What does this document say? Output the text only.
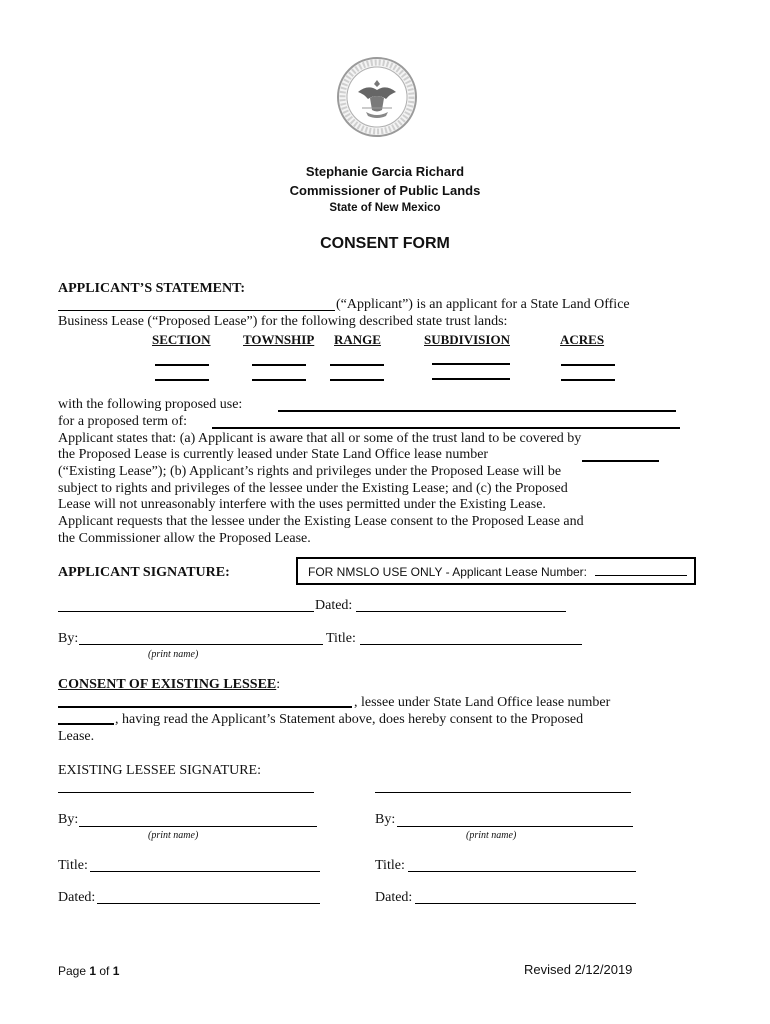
Stephanie Garcia Richard
Commissioner of Public Lands
State of New Mexico
CONSENT FORM
APPLICANT’S STATEMENT:
(“Applicant”) is an applicant for a State Land Office
Business Lease (“Proposed Lease”) for the following described state trust lands:
SECTION TOWNSHIP RANGE	SUBDIVISION	ACRES
with the following proposed use:
for a proposed term of:
Applicant states that: (a) Applicant is aware that all or some of the trust land to be covered by
the Proposed Lease is currently leased under State Land Office lease number
(“Existing Lease”); (b) Applicant’s rights and privileges under the Proposed Lease will be
subject to rights and privileges of the lessee under the Existing Lease; and (c) the Proposed
Lease will not unreasonably interfere with the uses permitted under the Existing Lease.
Applicant requests that the lessee under the Existing Lease consent to the Proposed Lease and
the Commissioner allow the Proposed Lease.
APPLICANT SIGNATURE:	FOR NMSLO USE ONLY - Applicant Lease Number:
Dated:
By:	Title:
(print name)
CONSENT OF EXISTING LESSEE:
, lessee under State Land Office lease number
, having read the Applicant’s Statement above, does hereby consent to the Proposed
Lease.
EXISTING LESSEE SIGNATURE:
By:
(print name)
By:
(print name)
Title:	Title:
Dated:	Dated:
Page 1 of 1	Revised 2/12/2019
